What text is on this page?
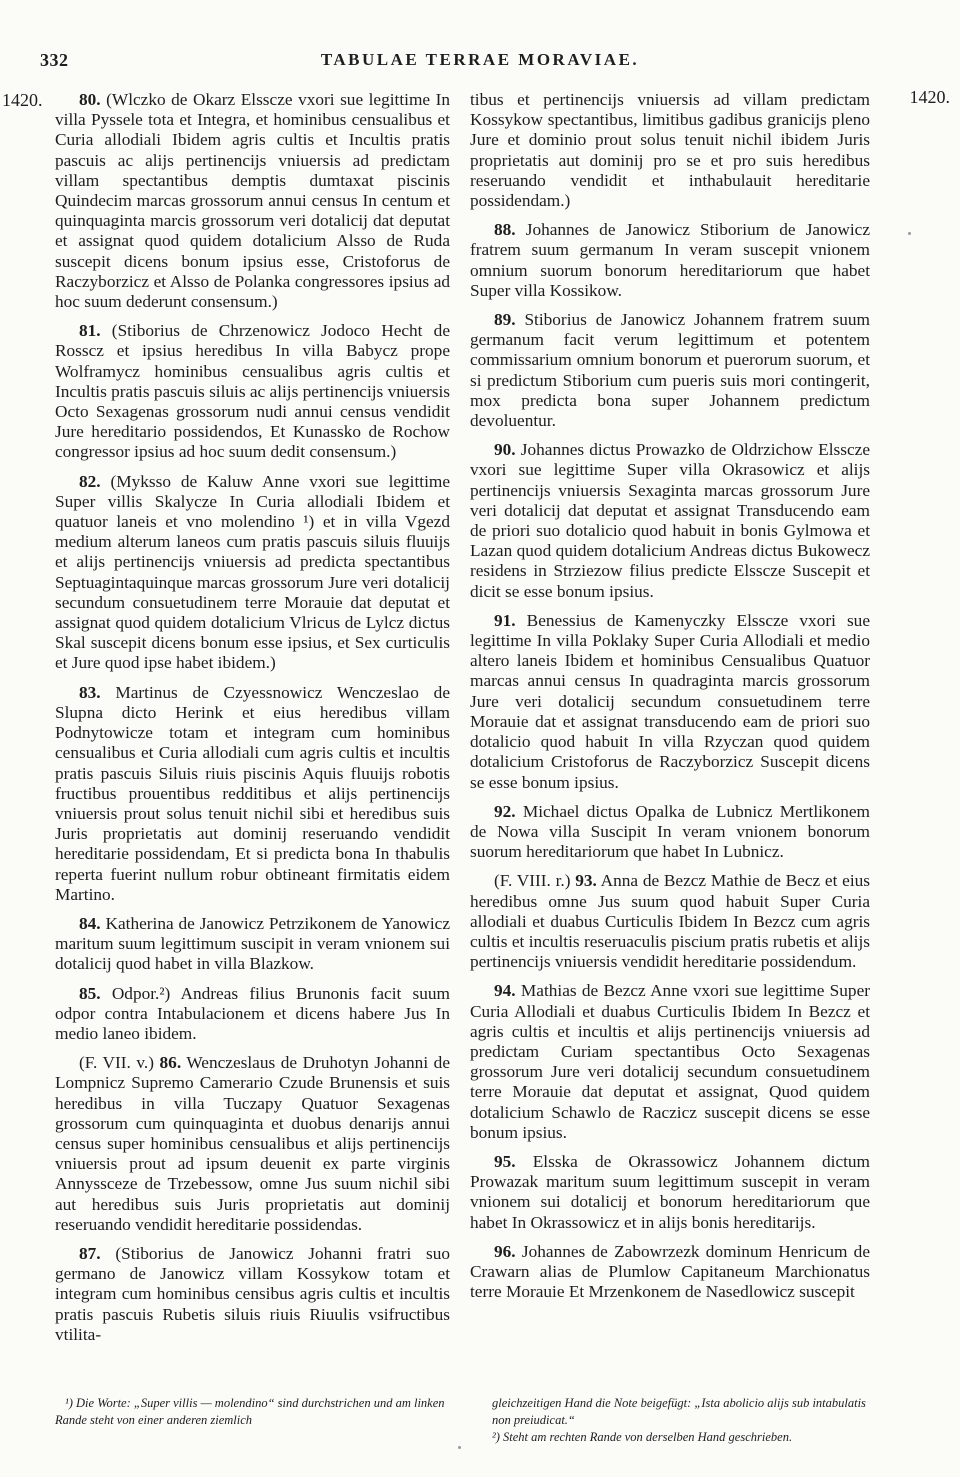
332	TABULAE TERRAE MORAVIAE.
1420.	1420.

80. (Wlczko de Okarz Elsscze vxori sue legittime In villa Pyssele tota et Integra, et hominibus censualibus et Curia allodiali Ibidem agris cultis et Incultis pratis pascuis ac alijs pertinencijs vniuersis ad predictam villam spectantibus demptis dumtaxat piscinis Quindecim marcas grossorum annui census In centum et quinquaginta marcis grossorum veri dotalicij dat deputat et assignat quod quidem dotalicium Alsso de Ruda suscepit dicens bonum ipsius esse, Cristoforus de Raczyborzicz et Alsso de Polanka congressores ipsius ad hoc suum dederunt consensum.)

81. (Stiborius de Chrzenowicz Jodoco Hecht de Rosscz et ipsius heredibus In villa Babycz prope Wolframycz hominibus censualibus agris cultis et Incultis pratis pascuis siluis ac alijs pertinencijs vniuersis Octo Sexagenas grossorum nudi annui census vendidit Jure hereditario possidendos, Et Kunassko de Rochow congressor ipsius ad hoc suum dedit consensum.)

82. (Myksso de Kaluw Anne vxori sue legittime Super villis Skalycze In Curia allodiali Ibidem et quatuor laneis et vno molendino ¹) et in villa Vgezd medium alterum laneos cum pratis pascuis siluis fluuijs et alijs pertinencijs vniuersis ad predicta spectantibus Septuagintaquinque marcas grossorum Jure veri dotalicij secundum consuetudinem terre Morauie dat deputat et assignat quod quidem dotalicium Vlricus de Lylcz dictus Skal suscepit dicens bonum esse ipsius, et Sex curticulis et Jure quod ipse habet ibidem.)

83. Martinus de Czyessnowicz Wenczeslao de Slupna dicto Herink et eius heredibus villam Podnytowicze totam et integram cum hominibus censualibus et Curia allodiali cum agris cultis et incultis pratis pascuis Siluis riuis piscinis Aquis fluuijs robotis fructibus prouentibus redditibus et alijs pertinencijs vniuersis prout solus tenuit nichil sibi et heredibus suis Juris proprietatis aut dominij reseruando vendidit hereditarie possidendam, Et si predicta bona In thabulis reperta fuerint nullum robur obtineant firmitatis eidem Martino.

84. Katherina de Janowicz Petrzikonem de Yanowicz maritum suum legittimum suscipit in veram vnionem sui dotalicij quod habet in villa Blazkow.

85. Odpor.²) Andreas filius Brunonis facit suum odpor contra Intabulacionem et dicens habere Jus In medio laneo ibidem.

(F. VII. v.) 86. Wenczeslaus de Druhotyn Johanni de Lompnicz Supremo Camerario Czude Brunensis et suis heredibus in villa Tuczapy Quatuor Sexagenas grossorum cum quinquaginta et duobus denarijs annui census super hominibus censualibus et alijs pertinencijs vniuersis prout ad ipsum deuenit ex parte virginis Annyssceze de Trzebessow, omne Jus suum nichil sibi aut heredibus suis Juris proprietatis aut dominij reseruando vendidit hereditarie possidendas.

87. (Stiborius de Janowicz Johanni fratri suo germano de Janowicz villam Kossykow totam et integram cum hominibus censibus agris cultis et incultis pratis pascuis Rubetis siluis riuis Riuulis vsifructibus vtilita-

tibus et pertinencijs vniuersis ad villam predictam Kossykow spectantibus, limitibus gadibus granicijs pleno Jure et dominio prout solus tenuit nichil ibidem Juris proprietatis aut dominij pro se et pro suis heredibus reseruando vendidit et inthabulauit hereditarie possidendam.)

88. Johannes de Janowicz Stiborium de Janowicz fratrem suum germanum In veram suscepit vnionem omnium suorum bonorum hereditariorum que habet Super villa Kossikow.

89. Stiborius de Janowicz Johannem fratrem suum germanum facit verum legittimum et potentem commissarium omnium bonorum et puerorum suorum, et si predictum Stiborium cum pueris suis mori contingerit, mox predicta bona super Johannem predictum devoluentur.

90. Johannes dictus Prowazko de Oldrzichow Elsscze vxori sue legittime Super villa Okrasowicz et alijs pertinencijs vniuersis Sexaginta marcas grossorum Jure veri dotalicij dat deputat et assignat Transducendo eam de priori suo dotalicio quod habuit in bonis Gylmowa et Lazan quod quidem dotalicium Andreas dictus Bukowecz residens in Strziezow filius predicte Elsscze Suscepit et dicit se esse bonum ipsius.

91. Benessius de Kamenyczky Elsscze vxori sue legittime In villa Poklaky Super Curia Allodiali et medio altero laneis Ibidem et hominibus Censualibus Quatuor marcas annui census In quadraginta marcis grossorum Jure veri dotalicij secundum consuetudinem terre Morauie dat et assignat transducendo eam de priori suo dotalicio quod habuit In villa Rzyczan quod quidem dotalicium Cristoforus de Raczyborzicz Suscepit dicens se esse bonum ipsius.

92. Michael dictus Opalka de Lubnicz Mertlikonem de Nowa villa Suscipit In veram vnionem bonorum suorum hereditariorum que habet In Lubnicz.

(F. VIII. r.) 93. Anna de Bezcz Mathie de Becz et eius heredibus omne Jus suum quod habuit Super Curia allodiali et duabus Curticulis Ibidem In Bezcz cum agris cultis et incultis reseruaculis piscium pratis rubetis et alijs pertinencijs vniuersis vendidit hereditarie possidendum.

94. Mathias de Bezcz Anne vxori sue legittime Super Curia Allodiali et duabus Curticulis Ibidem In Bezcz et agris cultis et incultis et alijs pertinencijs vniuersis ad predictam Curiam spectantibus Octo Sexagenas grossorum Jure veri dotalicij secundum consuetudinem terre Morauie dat deputat et assignat, Quod quidem dotalicium Schawlo de Raczicz suscepit dicens se esse bonum ipsius.

95. Elsska de Okrassowicz Johannem dictum Prowazak maritum suum legittimum suscepit in veram vnionem sui dotalicij et bonorum hereditariorum que habet In Okrassowicz et in alijs bonis hereditarijs.

96. Johannes de Zabowrzezk dominum Henricum de Crawarn alias de Plumlow Capitaneum Marchionatus terre Morauie Et Mrzenkonem de Nasedlowicz suscepit

¹) Die Worte: „Super villis — molendino“ sind durchstrichen und am linken Rande steht von einer anderen ziemlich

gleichzeitigen Hand die Note beigefügt: „Ista abolicio alijs sub intabulatis non preiudicat.“

²) Steht am rechten Rande von derselben Hand geschrieben.
